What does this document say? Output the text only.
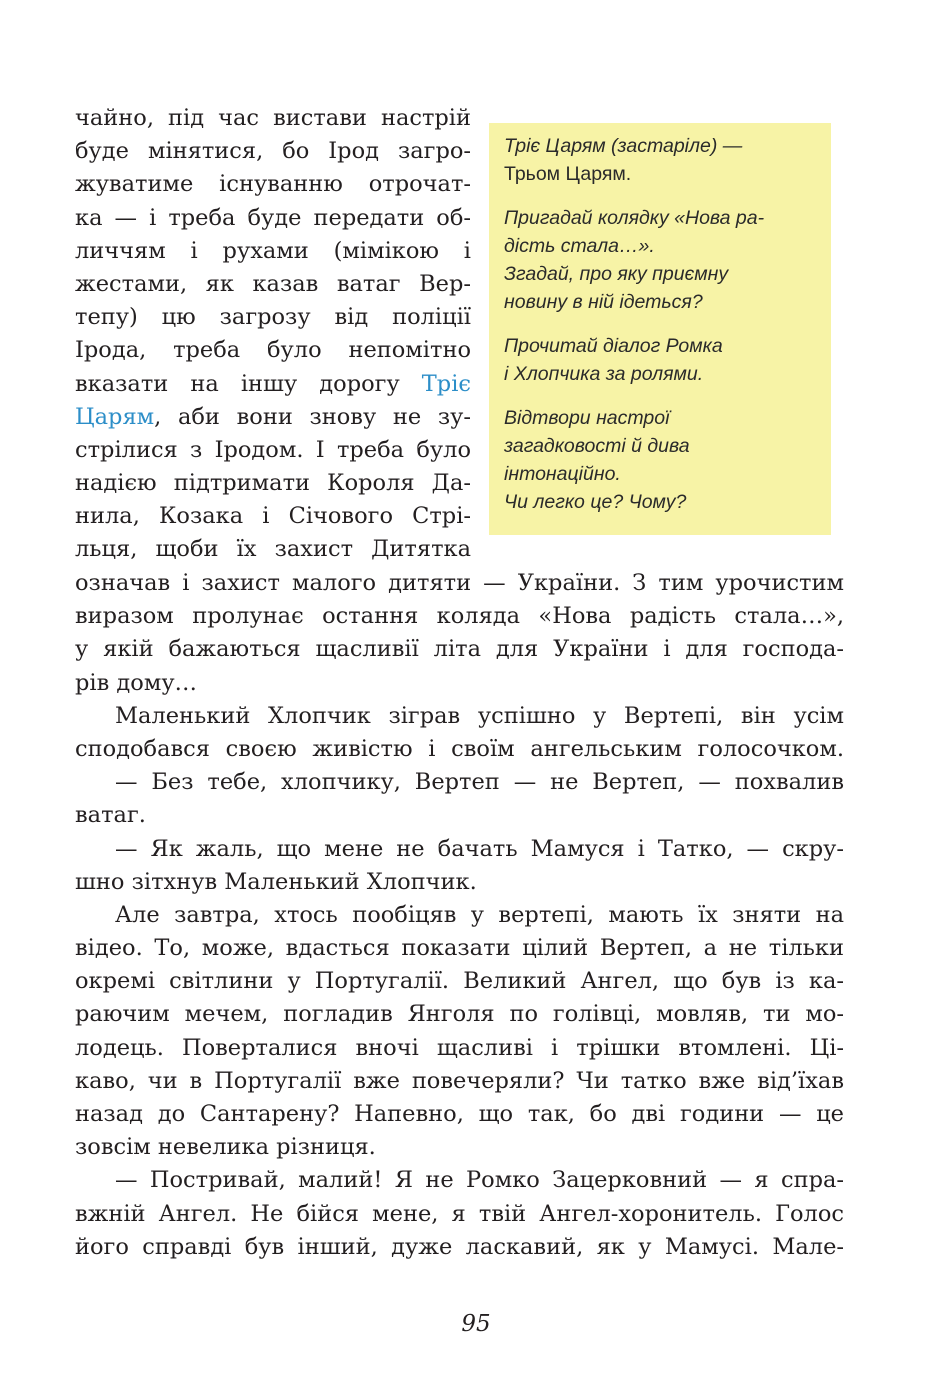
Тріє Царям (застаріле) —
Трьом Царям.

Пригадай колядку «Нова ра-
дість стала…».
Згадай, про яку приємну
новину в ній ідеться?

Прочитай діалог Ромка
і Хлопчика за ролями.

Відтвори настрої
загадковості й дива
інтонаційно.
Чи легко це? Чому?

чайно, під час вистави настрій
буде мінятися, бо Ірод загро-
жуватиме існуванню отрочат-
ка — і треба буде передати об-
личчям і рухами (мімікою і
жестами, як казав ватаг Вер-
тепу) цю загрозу від поліції
Ірода, треба було непомітно
вказати на іншу дорогу Тріє
Царям, аби вони знову не зу-
стрілися з Іродом. І треба було
надією підтримати Короля Да-
нила, Козака і Січового Стрі-
льця, щоби їх захист Дитятка
означав і захист малого дитяти — України. З тим урочистим
виразом пролунає остання коляда «Нова радість стала…»,
у якій бажаються щасливії літа для України і для господа-
рів дому…
Маленький Хлопчик зіграв успішно у Вертепі, він усім
сподобався своєю живістю і своїм ангельським голосочком.
— Без тебе, хлопчику, Вертеп — не Вертеп, — похвалив
ватаг.
— Як жаль, що мене не бачать Мамуся і Татко, — скру-
шно зітхнув Маленький Хлопчик.
Але завтра, хтось пообіцяв у вертепі, мають їх зняти на
відео. То, може, вдасться показати цілий Вертеп, а не тільки
окремі світлини у Португалії. Великий Ангел, що був із ка-
раючим мечем, погладив Янголя по голівці, мовляв, ти мо-
лодець. Поверталися вночі щасливі і трішки втомлені. Ці-
каво, чи в Португалії вже повечеряли? Чи татко вже від’їхав
назад до Сантарену? Напевно, що так, бо дві години — це
зовсім невелика різниця.
— Постривай, малий! Я не Ромко Зацерковний — я спра-
вжній Ангел. Не бійся мене, я твій Ангел-хоронитель. Голос
його справді був інший, дуже ласкавий, як у Мамусі. Мале-
95
